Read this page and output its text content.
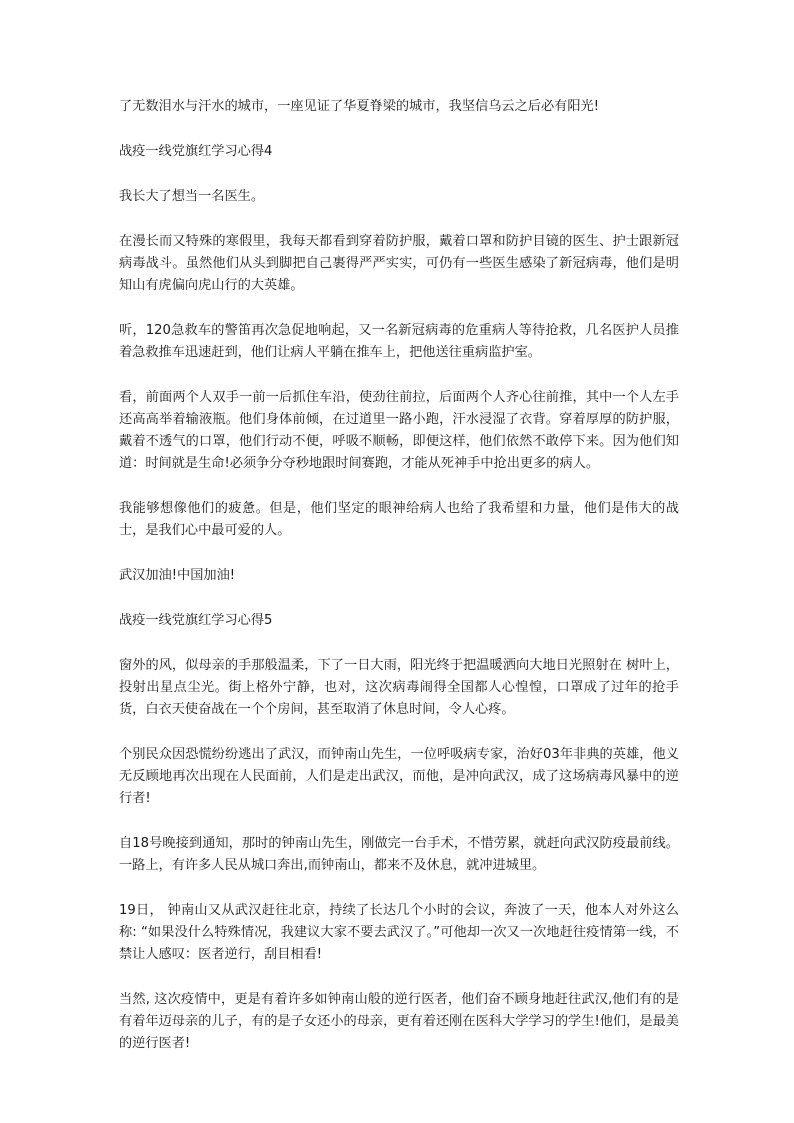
了无数泪水与汗水的城市，一座见证了华夏脊梁的城市，我坚信乌云之后必有阳光!

战疫一线党旗红学习心得4

我长大了想当一名医生。

在漫长而又特殊的寒假里，我每天都看到穿着防护服，戴着口罩和防护目镜的医生、护士跟新冠病毒战斗。虽然他们从头到脚把自己裹得严严实实，可仍有一些医生感染了新冠病毒，他们是明知山有虎偏向虎山行的大英雄。

听，120急救车的警笛再次急促地响起，又一名新冠病毒的危重病人等待抢救，几名医护人员推着急救推车迅速赶到，他们让病人平躺在推车上，把他送往重病监护室。

看，前面两个人双手一前一后抓住车沿，使劲往前拉，后面两个人齐心往前推，其中一个人左手还高高举着输液瓶。他们身体前倾，在过道里一路小跑，汗水浸湿了衣背。穿着厚厚的防护服，戴着不透气的口罩，他们行动不便，呼吸不顺畅，即便这样，他们依然不敢停下来。因为他们知道：时间就是生命!必须争分夺秒地跟时间赛跑，才能从死神手中抢出更多的病人。

我能够想像他们的疲惫。但是，他们坚定的眼神给病人也给了我希望和力量，他们是伟大的战士，是我们心中最可爱的人。

武汉加油!中国加油!

战疫一线党旗红学习心得5

窗外的风，似母亲的手那般温柔，下了一日大雨，阳光终于把温暖洒向大地日光照射在 树叶上，投射出星点尘光。街上格外宁静，也对，这次病毒闹得全国都人心惶惶，口罩成了过年的抢手货，白衣天使奋战在一个个房间，甚至取消了休息时间，令人心疼。

个别民众因恐慌纷纷逃出了武汉，而钟南山先生，一位呼吸病专家，治好03年非典的英雄，他义无反顾地再次出现在人民面前，人们是走出武汉，而他，是冲向武汉，成了这场病毒风暴中的逆行者!

自18号晚接到通知，那时的钟南山先生，刚做完一台手术，不惜劳累，就赶向武汉防疫最前线。一路上，有许多人民从城口奔出,而钟南山，都来不及休息，就冲进城里。

19日， 钟南山又从武汉赶往北京，持续了长达几个小时的会议，奔波了一天，他本人对外这么称: “如果没什么特殊情况，我建议大家不要去武汉了。”可他却一次又一次地赶往疫情第一线，不禁让人感叹：医者逆行，刮目相看!

当然, 这次疫情中，更是有着许多如钟南山般的逆行医者，他们奋不顾身地赶往武汉,他们有的是有着年迈母亲的儿子，有的是子女还小的母亲，更有着还刚在医科大学学习的学生!他们，是最美的逆行医者!
